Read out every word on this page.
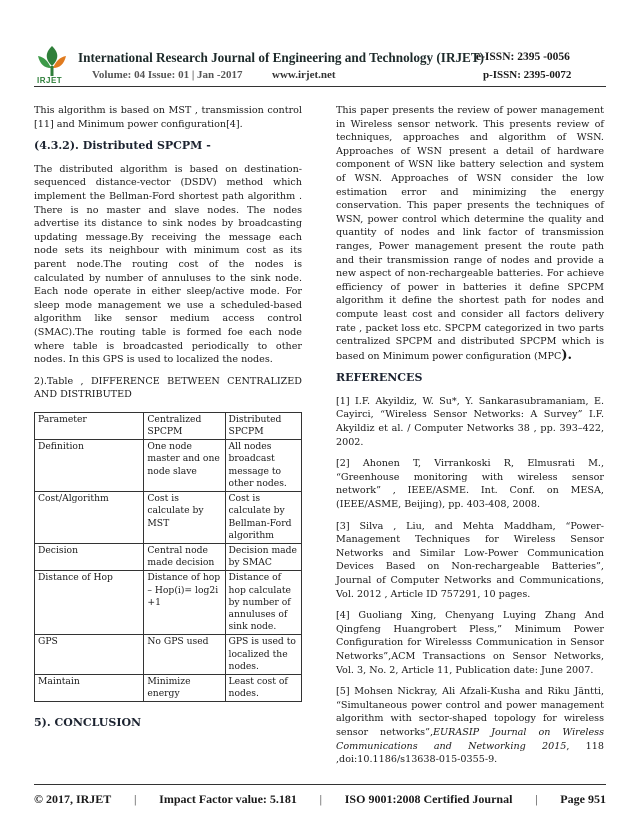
IRJET
International Research Journal of Engineering and Technology (IRJET)
e-ISSN: 2395 -0056
Volume: 04 Issue: 01 | Jan -2017	www.irjet.net	p-ISSN: 2395-0072

This algorithm is based on MST , transmission control [11] and Minimum power configuration[4].

(4.3.2). Distributed SPCPM -

The distributed algorithm is based on destination-sequenced distance-vector (DSDV) method which implement the Bellman-Ford shortest path algorithm . There is no master and slave nodes. The nodes advertise its distance to sink nodes by broadcasting updating message.By receiving the message each node sets its neighbour with minimum cost as its parent node.The routing cost of the nodes is calculated by number of annuluses to the sink node. Each node operate in either sleep/active mode. For sleep mode management we use a scheduled-based algorithm like sensor medium access control (SMAC).The routing table is formed foe each node where table is broadcasted periodically to other nodes. In this GPS is used to localized the nodes.

2).Table , DIFFERENCE BETWEEN CENTRALIZED AND DISTRIBUTED

Parameter	Centralized SPCPM	Distributed SPCPM
Definition	One node master and one node slave	All nodes broadcast message to other nodes.
Cost/Algorithm	Cost is calculate by MST	Cost is calculate by Bellman-Ford algorithm
Decision	Central node made decision	Decision made by SMAC
Distance of Hop	Distance of hop – Hop(i)= log2i +1	Distance of hop calculate by number of annuluses of sink node.
GPS	No GPS used	GPS is used to localized the nodes.
Maintain	Minimize energy	Least cost of nodes.
5). CONCLUSION

This paper presents the review of power management in Wireless sensor network. This presents review of techniques, approaches and algorithm of WSN. Approaches of WSN present a detail of hardware component of WSN like battery selection and system of WSN. Approaches of WSN consider the low estimation error and minimizing the energy conservation. This paper presents the techniques of WSN, power control which determine the quality and quantity of nodes and link factor of transmission ranges, Power management present the route path and their transmission range of nodes and provide a new aspect of non-rechargeable batteries. For achieve efficiency of power in batteries it define SPCPM algorithm it define the shortest path for nodes and compute least cost and consider all factors delivery rate , packet loss etc. SPCPM categorized in two parts centralized SPCPM and distributed SPCPM which is based on Minimum power configuration (MPC).

REFERENCES

[1] I.F. Akyildiz, W. Su*, Y. Sankarasubramaniam, E. Cayirci, “Wireless Sensor Networks: A Survey” I.F. Akyildiz et al. / Computer Networks 38 , pp. 393–422, 2002.

[2] Ahonen T, Virrankoski R, Elmusrati M., “Greenhouse monitoring with wireless sensor network” , IEEE/ASME. Int. Conf. on MESA, (IEEE/ASME, Beijing), pp. 403-408, 2008.

[3] Silva , Liu, and Mehta Maddham, “Power-Management Techniques for Wireless Sensor Networks and Similar Low-Power Communication Devices Based on Non-rechargeable Batteries”, Journal of Computer Networks and Communications, Vol. 2012 , Article ID 757291, 10 pages.

[4] Guoliang Xing, Chenyang Luying Zhang And Qingfeng Huangrobert Pless,” Minimum Power Configuration for Wirelesss Communication in Sensor Networks”,ACM Transactions on Sensor Networks, Vol. 3, No. 2, Article 11, Publication date: June 2007.

[5] Mohsen Nickray, Ali Afzali-Kusha and Riku Jäntti, “Simultaneous power control and power management algorithm with sector-shaped topology for wireless sensor networks”,EURASIP Journal on Wireless Communications and Networking 2015, 118 ,doi:10.1186/s13638-015-0355-9.

© 2017, IRJET | Impact Factor value: 5.181 | ISO 9001:2008 Certified Journal | Page 951
